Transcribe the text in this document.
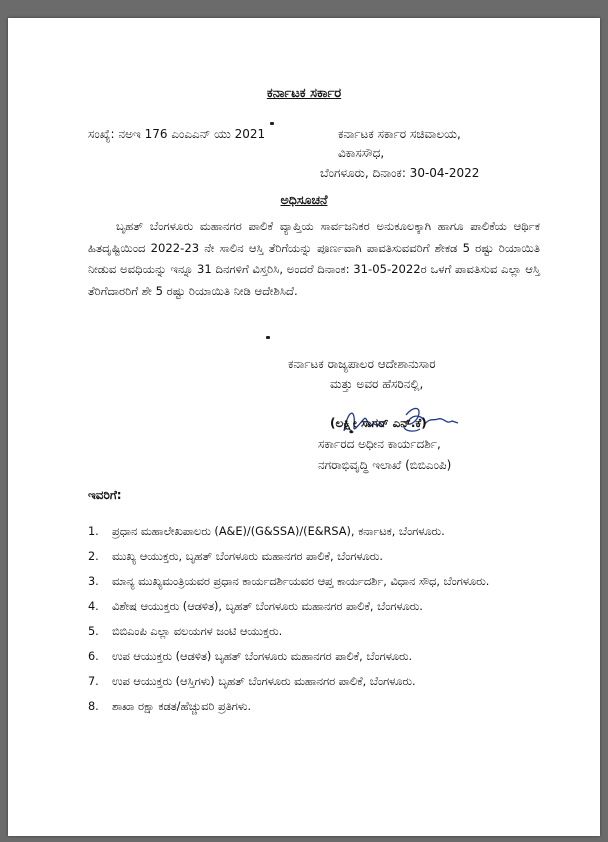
ಕರ್ನಾಟಕ ಸರ್ಕಾರ
ಸಂಖ್ಯೆ: ನಅಇ 176 ಎಂಎಎನ್ ಯು 2021	ಕರ್ನಾಟಕ ಸರ್ಕಾರ ಸಚಿವಾಲಯ,
ವಿಕಾಸಸೌಧ,
ಬೆಂಗಳೂರು, ದಿನಾಂಕ: 30-04-2022
ಅಧಿಸೂಚನೆ
ಬೃಹತ್ ಬೆಂಗಳೂರು ಮಹಾನಗರ ಪಾಲಿಕೆ ವ್ಯಾಪ್ತಿಯ ಸಾರ್ವಜನಿಕರ ಅನುಕೂಲಕ್ಕಾಗಿ ಹಾಗೂ ಪಾಲಿಕೆಯ ಆರ್ಥಿಕ ಹಿತದೃಷ್ಟಿಯಿಂದ 2022-23 ನೇ ಸಾಲಿನ ಆಸ್ತಿ ತೆರಿಗೆಯನ್ನು ಪೂರ್ಣವಾಗಿ ಪಾವತಿಸುವವರಿಗೆ ಶೇಕಡ 5 ರಷ್ಟು ರಿಯಾಯಿತಿ ನೀಡುವ ಅವಧಿಯನ್ನು ಇನ್ನೂ 31 ದಿನಗಳಿಗೆ ವಿಸ್ತರಿಸಿ, ಅಂದರೆ ದಿನಾಂಕ: 31-05-2022ರ ಒಳಗೆ ಪಾವತಿಸುವ ಎಲ್ಲಾ ಆಸ್ತಿ ತೆರಿಗೆದಾರರಿಗೆ ಶೇ 5 ರಷ್ಟು ರಿಯಾಯಿತಿ ನೀಡಿ ಆದೇಶಿಸಿದೆ.
ಕರ್ನಾಟಕ ರಾಜ್ಯಪಾಲರ ಆದೇಶಾನುಸಾರ
ಮತ್ತು ಅವರ ಹೆಸರಿನಲ್ಲಿ,
(ಲಕ್ಷ್ಮೀ ಸಾಗರ್ ಎನ್.ಕೆ)
ಸರ್ಕಾರದ ಅಧೀನ ಕಾರ್ಯದರ್ಶಿ,
ನಗರಾಭಿವೃದ್ಧಿ ಇಲಾಖೆ (ಬಿಬಿಎಂಪಿ)
ಇವರಿಗೆ:
1. ಪ್ರಧಾನ ಮಹಾಲೇಖಪಾಲರು (A&E)/(G&SSA)/(E&RSA), ಕರ್ನಾಟಕ, ಬೆಂಗಳೂರು.
2. ಮುಖ್ಯ ಆಯುಕ್ತರು, ಬೃಹತ್ ಬೆಂಗಳೂರು ಮಹಾನಗರ ಪಾಲಿಕೆ, ಬೆಂಗಳೂರು.
3. ಮಾನ್ಯ ಮುಖ್ಯಮಂತ್ರಿಯವರ ಪ್ರಧಾನ ಕಾರ್ಯದರ್ಶಿಯವರ ಆಪ್ತ ಕಾರ್ಯದರ್ಶಿ, ವಿಧಾನ ಸೌಧ, ಬೆಂಗಳೂರು.
4. ವಿಶೇಷ ಆಯುಕ್ತರು (ಆಡಳಿತ), ಬೃಹತ್ ಬೆಂಗಳೂರು ಮಹಾನಗರ ಪಾಲಿಕೆ, ಬೆಂಗಳೂರು.
5. ಬಿಬಿಎಂಪಿ ಎಲ್ಲಾ ವಲಯಗಳ ಜಂಟಿ ಆಯುಕ್ತರು.
6. ಉಪ ಆಯುಕ್ತರು (ಆಡಳಿತ) ಬೃಹತ್ ಬೆಂಗಳೂರು ಮಹಾನಗರ ಪಾಲಿಕೆ, ಬೆಂಗಳೂರು.
7. ಉಪ ಆಯುಕ್ತರು (ಆಸ್ತಿಗಳು) ಬೃಹತ್ ಬೆಂಗಳೂರು ಮಹಾನಗರ ಪಾಲಿಕೆ, ಬೆಂಗಳೂರು.
8. ಶಾಖಾ ರಕ್ಷಾ ಕಡತ/ಹೆಚ್ಚುವರಿ ಪ್ರತಿಗಳು.
